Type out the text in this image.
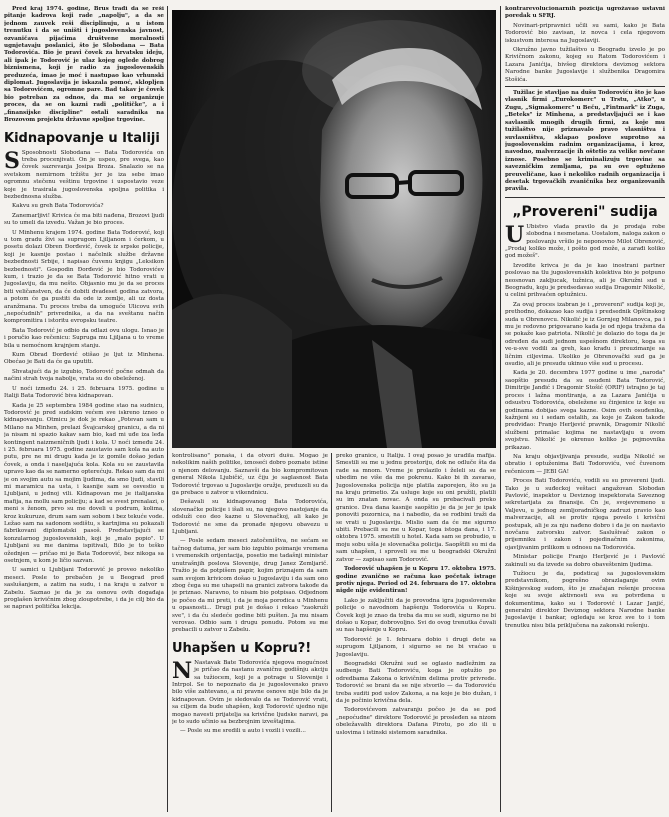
Pred kraj 1974. godine, Brus trađi da se reši pitanje kadrova koji rade „napolju", a da se jednom zauvek reši disciplinuju, a u istom trenutku i da se uništi i jugoslovenska javnost, ozvaničava pijaćima društvene moralnosti ugnjetavaju poslanici, što je Slobodana — Bata Todorovića. Bio je pravi čovek za hrvatsku ideju, ali ipak je Todorović je ulaz kojeg oglede dobrog biznismena, koji je radio za jugoslovenskih preduzeća, imao je moć i nastupao kao vrhunski diplomat. Jugoslavija je iskazala pomoć, sklopljen sa Todorovićem, ogromne pare. Bad takav je čovek bio potreban za odnos, da ma se organizuje proces, da se on kazni radi „političke", a i „finansijske discipline" ostali saradnika na Brozovom projektu državne spoljne trgovine.

Kidnapovanje u Italiji

S Sposobnosti Slobodana — Bata Todorovića on treba procenjivati. On je uspeo, pre svega, kao čovek sazrevanja Josipa Broza. Snalazio se na svetskom nemirnom tržištu jer je iza sebe imao ogromnu stečenu veštinu trgovine i uspostavio veze koje je trasirala jugoslovenska spoljna politika i bezbednosna služba.

Kakvu su greh Bata Todorovića?

Zanemarljivi! Krivica će ma biti nađena, Brozovi ljudi su to umeli da izvedu. Važan je bio proces.

U Minhenu krajem 1974. godine Bata Todorović, koji u tom gradu živi sa suprugom Ljiljanom i ćerkom, u posetu dolazi Obren Đorđević, čovek iz srpske policije, koji je kasnije postao i načelnik službe državne bezbednosti Srbije, i napisao čuvenu knjigu „Leksikon bezbednosti". Gospodin Đorđević je bio Todorovićev kum, i trazio je da se Bata Todorović hitno vrati u Jugoslaviju, da mu nešto. Objasnio mu je da se proces biti veličanstven, da će dobiti dvadeset godina zatvora, a potom će ga pustiti da ode iz zemlje, ali uz dosta aranžmana. Tu proces treba da umoguće Ulicovu svih „nepoćudnih" privrednika, a da na sveštanu način kompromitira i istoritu evropsku teatre.

Bata Todorović je odbio da odlazi ovu ulogu. Isnao je i poručio kao rečenicu: Supruga mu Ljiljana u to vreme bila u nemoćnom krajnjem stanju.

Kum Obrad Đorđević otišao je ljut iz Minhena. Obećao je Bati da će ga uputiti.

Shvatajući da je izgubio, Todorović počne odmah da načini strah tvoja nabolje, vrata su do obeleženoj.

U noći između 24. i 25. februara 1975. godine u Italiji Bata Todorović biva kidnapovan.

Kada je 25 septembra 1984 godine stao na sudnicu, Todorović je pred sudskim većem sve iskreno izneo o kidnapovanju. Otmicu je dok je rekao „Potevan sam u Milano na Minhen, prelazi Švajcarskoj granicu, a da ni ja nisam ni spazio kakav sam bio, kad mi uđe iza leđa kontingent naizmeničnih ljudi i kola. U noći između 24. i 25. februara 1975. godine zaustavio sam kola na auto putu, pre ne mi drugu kada je iz gomile došao jedan čovek, a onda i naseljajuća kola. Kola su se zaustavila upravo kao da se namerno opterećuju. Rekao sam da mi je on svojim autu sa mojim ljudima, da smo ljudi, stavili mi maramicu na usta, i kasnije sam se osvestio u Ljubljani, u jednoj vili. Kidnapovan me je italijanska mafija, na mollu sam policiju; a kad se svest prenalazi, o meni s ženom, prvo su me doveli u podrum, kolima, kroz kukuruze, drum sam sam sobom i bez tekuće vode. Ležao sam na sadonom sedištu, s kartnjima su pokazali fabrikovani diplomatski pasoš. Predstavljajući se konzularnog jugoslovenskih, koji je „malo popio". U Ljubljani su me danima ispitivali, Bilo je to teško ožednjen — pričao mi je Bata Todorović, bez nikoga sa osetnjem, u kom je ličio sazvan.

U samici u Ljubljani Todorović je proveo nekoliko meseci. Posle to prebačen je u Beograd pred saslušanjem, a zatim na sudu, i na kraju u zatvor u Zabelu. Saznao je da je za osnovu ovih događaja proglašen krivičnim zbog zloupotrebe, i da je cilj bio da se napravi politička lekcija.

kontrolisano" ponaša, i da otvori dušu. Mogao je nekolikim naših politike, iznoseći dobro poznate istine o njenom delovanju. Saznavši da bio kompromitovan general Nikola Ljubičić, uz čiju je saglasnost Bata Todorović trgovao u Jugoslavije oružje, preduzeli su da ga prebace u zatvor u vikendnicu.

Dešavali su kidnapovanog Bata Todorovića, slovenačke policije i išali su, na njegovo nastojanje da odsluži ceo deo kazne u Slovenačkoj, ali kako je Todorović ne sme da pronađe njegovu obavezu u Ljubljani.

— Posle sedam meseci zatočeništva, ne sećam se tačnog datuma, jer sam bio izgubio poimanje vremena i vremenskih orijentacija, posetio me tadašnji ministar unutrašnjih poslova Slovenije, drug Janez Zemljarič. Tražio je da potpišem papir, kojim priznajem da sam sam svojom krivicom došao u Jugoslaviju i da sam ono zbog čega su me uhapsili na granici zatvora takođe da je priznao. Naravno, to nisam bio potpisao. Odjednom je počeo da mi preti, i da je moja porodica u Minhenu u opasnosti... Drugi put je došao i rekao "zaokruži sve", i da ću sledeće godine biti pušten. Ja mu nisam verovao. Odbio sam i drugu ponudu. Potom su me prebacili u zatvor u Zabelu.

Uhapšen u Kopru?!

N Nastavak Bate Todorovića njegova mogućnost je pričao da nastanu zvaničnu godišnju akciju sa tužiocem, koji je a potrage u Slovenije i Intrpol. Se to nepoznato da je jugoslovensko pravo bilo više zahtevano, a ni pravne osnove nije bilo da je kidnapovan. Ovim je sledovalo da se Todorović vrati, sa ciljem da bude uhapšen, koji Todorović ujedno nije mogao navesti prijatelja sa krivične ljudske naravi, pa je to sudo učinio sa bezbrojnim izveštajima.

— Posle su me sredili u auto i vozili i vozili...

preko granice, u Italiju. I ovaj posao je uradila mafija. Smestili su me u jednu prostoriju, dok ne odluče šta da rade sa mnom. Vreme je prolazilo i želeli su da se ubedim ne više da me pokrenu. Kako bi ih zavarao, Jugoslovenska policija nije platila zaporejen, što su ja na kraju primetio. Za usluge koje su oni pružili, platili su im znatan novac. A onda su prebacivali preko granice. Dva dana kasnije saopštio je da je jer je ipak ponoviti pozornica, na i nabedio, da se rodbini traži da se vrati u Jugoslaviju. Mislio sam da će me sigurno ubiti. Prebacili su me u Kopar, toga istoga dana, i 17. oktobra 1975. smestili u hotel. Kada sam se probudio, u moju sobu ušla je slovenačka policija. Saopštili su mi da sam uhapšen, i sproveli su me u beogradski Okružni zatvor — zapisao sam Todorović.

Todorović uhapšen je u Kopru 17. oktobra 1975. godine zvanično se računa kao početak istrage protiv njega. Period od 24. februara do 17. oktobra nigde nije evidentiran!

Lako je zaključiti da je provodna igra jugoslovenske policije o navodnom hapšenju Todorovića u Kopru. Čovek koji je znao da treba da mu se sudi, sigurno ne bi došao u Kopar, dobrovoljno. Svi do ovog trenutka čuvali su nas hapšenje u Kopru.

Todorović je 1. februara dobio i drugi dete sa suprugom Ljiljanom, i sigurno se ne bi vraćao u Jugoslaviju.

Beogradski Okružni sud se oglasio nadležnim za sudbenje Bati Todoroviću, koga je optužio po odredbama Zakona o krivičnim delima protiv privrede. Todorović se brani da se nije stvorilo — da Todoroviću treba suditi pod uslov Zakona, a na koje je bio dužan, i da je počinio krivična dela.

Todorovićevom zatvaranju počeo je da se pod „nepoćudne" direktore Todorović je prosleđen sa nizom obeležavalih direktora Dafana Pirotu, po zlo ili u uslovima i istinski sistemom saradnika.

kontrarevolucionarnih pozicija ugrožavao ustavni poredak u SFRJ.

Novinari-pripravnici učili su sami, kako je Bata Todorović bio zavisan, iz novca i cela njegovom iskustvom interesa na Jugoslaviji.

Okružno javno tužilaštvo u Beogradu izvelo je po Krivičnom zakonu, kojeg su Ratom Todorovićem i Lazara Janićija, bivšeg direktora deviznog sektora Narodne banke Jugoslavije i službenika Dragomira Stošića.

Tužilac je stavljao na dušu Todoroviću što je kao vlasnik firmi „Eurokomerc" u Trstu, „Atko", u Zugu, „Sigmakomerc" u Beču, „Fintmark" iz Zuga, „Beteks" iz Minhena, a predstavljajući se i kao savlasnik mnogih drugih firmi, za koje mu tužilaštvo nije priznavalo pravo vlasništva i suvlasništva, sklapao poslove suprotno sa jugoslovenskim radnim organizacijama, i kroz, navodno, malverzacije ih oštetio za velike novčane iznose. Posebno se kriminalizuju trgovine sa savezničkim zemljama, pa su ove optuženo preuveličane, kao i nekoliko radnih organizacija i desetak trgovačkih zvaničnika bez organizovanih pravila.

„Provereni" sudija

U Ubistvo vlada pravilo da je prodaja robe slobodna i nesmetana. Uostalom, naloga zakon o poslovanju vršilo je neponovno Milot Obrenović, „Prodaj koliko može, i pošto god može, a zarađi koliko god možeš".

Izvodite krivca je da je kao inostrani partner poslovao na tlu jugoslovenskih kolektiva bio je potpuno neosnovan zakljucak, tužnica, ali je Okružni sud u Beogradu, koju je predsedavao sudija Dragomir Nikolić, u celini prihvaćen optužnicu.

Za ovaj proces izabran je i „provereni" sudija koji je, prethodno, dokazao kao sudija i predsednik Opštinskog suda u Obrenovcu. Nikolić je iz Gornjeg Milanovca, pa i mu je redovno prigovarano kada je od njega tražena da se pokaže kao patriota. Nikolić je dolazio do toga da je određen da sudi jednom uspešnom direktoru, koga su ve-u-sve vodili za greh, kao krađu i preuzimanje sa ličnim ciljevima. Ukoliko je Obrenovački sud ga je osudio, ali je presudu ukinuo više sud u procesu.

Kada je 20. decembra 1977 godine u ime „naroda" saopštio presudu da su osuđeni Bata Todorović, Dimitrije Janđić i Dragomir Stošić (ORIF) istrajno je taj proces i lažna montiranja, a za Lazara Janićija u odsustvu Todorovića, obeležene su činjenice iz koje su godinama dobijao svega kazne. Osim ovih osuđenika, kažnjeni su i sedam ostalih, za koje je Zakon takođe predviđao: Franjo Herljević pravnik, Dragomir Nikolić službeni primalac kojima ne nastavljaju u ovom svojstvu. Nikolić je okrenuo koliko je pojmovnika prikazao.

Na kraju objavljivanja presude, sudija Nikolić se obratio i optuženima Bati Todoroviću, već čuvenom rečenicom — JEBI GA!

Proces Bati Todoroviću, vodili su su provereni ljudi. Tako je u suđeckoj veštaci angažovan Slobodan Pavlović, inspektor u Deviznog inspektorata Saveznog sekretarijata za finansije. Ćn je, svojevremeno u Valjevu, u jednog zemljoradničkog zadruzi pravio kao malverzacije, ali se protiv njega povelo i krivični postupak, ali je za nju nađeno dobro i da je on nastavio novčanu zatvorsku zatvor. Saslušivač zakon o prijemniku i zakon i pojedinačnim zakonima, ojavljivanim prilikom u odnosu na Todorovića.

Ministar policije Franjo Herljević je i Pavlović zakinuli su da izvede sa dobro obaveštenim ljudima.

Tužiocu je da, podsticaj sa jugoslovenskim predstavnikom, pogrešno obrazlaganje ovim Kišinjevskog sudom, što je značajan rešenje procesa koje su svoje aktivnosti sva su potvrđena u dokumentima, kako su i Todorović i Lazar Janjić, generalni direktor Deviznog sektora Narodne banke Jugoslavije i bankar, ogledaju se kroz sve to i tom trenutku nisu bila priključena na zakonski rešenju.
